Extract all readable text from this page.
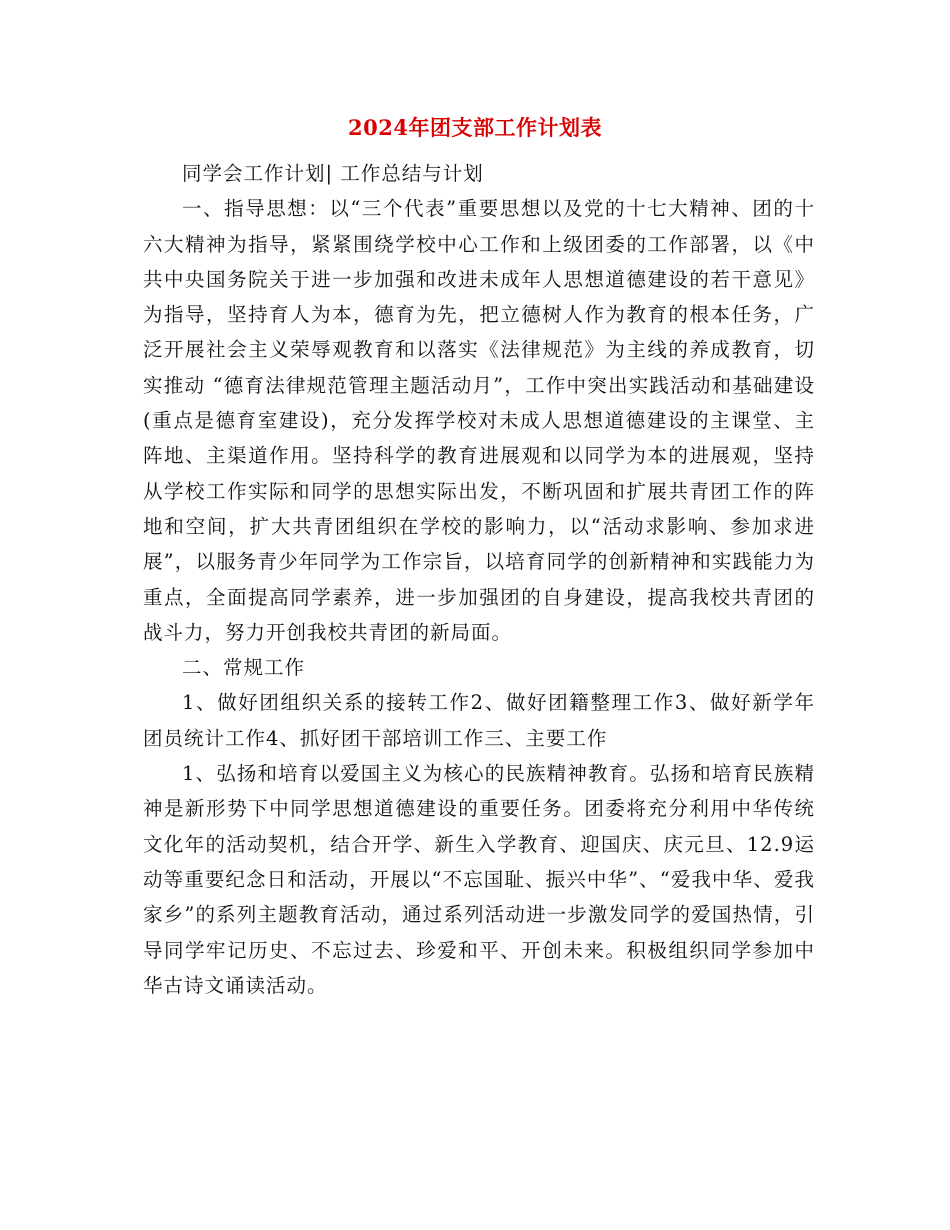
2024年团支部工作计划表

同学会工作计划| 工作总结与计划

一、指导思想：以“三个代表”重要思想以及党的十七大精神、团的十六大精神为指导，紧紧围绕学校中心工作和上级团委的工作部署，以《中共中央国务院关于进一步加强和改进未成年人思想道德建设的若干意见》为指导，坚持育人为本，德育为先，把立德树人作为教育的根本任务，广泛开展社会主义荣辱观教育和以落实《法律规范》为主线的养成教育，切实推动 “德育法律规范管理主题活动月”，工作中突出实践活动和基础建设(重点是德育室建设)，充分发挥学校对未成人思想道德建设的主课堂、主阵地、主渠道作用。坚持科学的教育进展观和以同学为本的进展观，坚持从学校工作实际和同学的思想实际出发，不断巩固和扩展共青团工作的阵地和空间，扩大共青团组织在学校的影响力，以“活动求影响、参加求进展”，以服务青少年同学为工作宗旨，以培育同学的创新精神和实践能力为重点，全面提高同学素养，进一步加强团的自身建设，提高我校共青团的战斗力，努力开创我校共青团的新局面。

二、常规工作

1、做好团组织关系的接转工作2、做好团籍整理工作3、做好新学年团员统计工作4、抓好团干部培训工作三、主要工作

1、弘扬和培育以爱国主义为核心的民族精神教育。弘扬和培育民族精神是新形势下中同学思想道德建设的重要任务。团委将充分利用中华传统文化年的活动契机，结合开学、新生入学教育、迎国庆、庆元旦、12.9运动等重要纪念日和活动，开展以“不忘国耻、振兴中华”、“爱我中华、爱我家乡”的系列主题教育活动，通过系列活动进一步激发同学的爱国热情，引导同学牢记历史、不忘过去、珍爱和平、开创未来。积极组织同学参加中华古诗文诵读活动。
